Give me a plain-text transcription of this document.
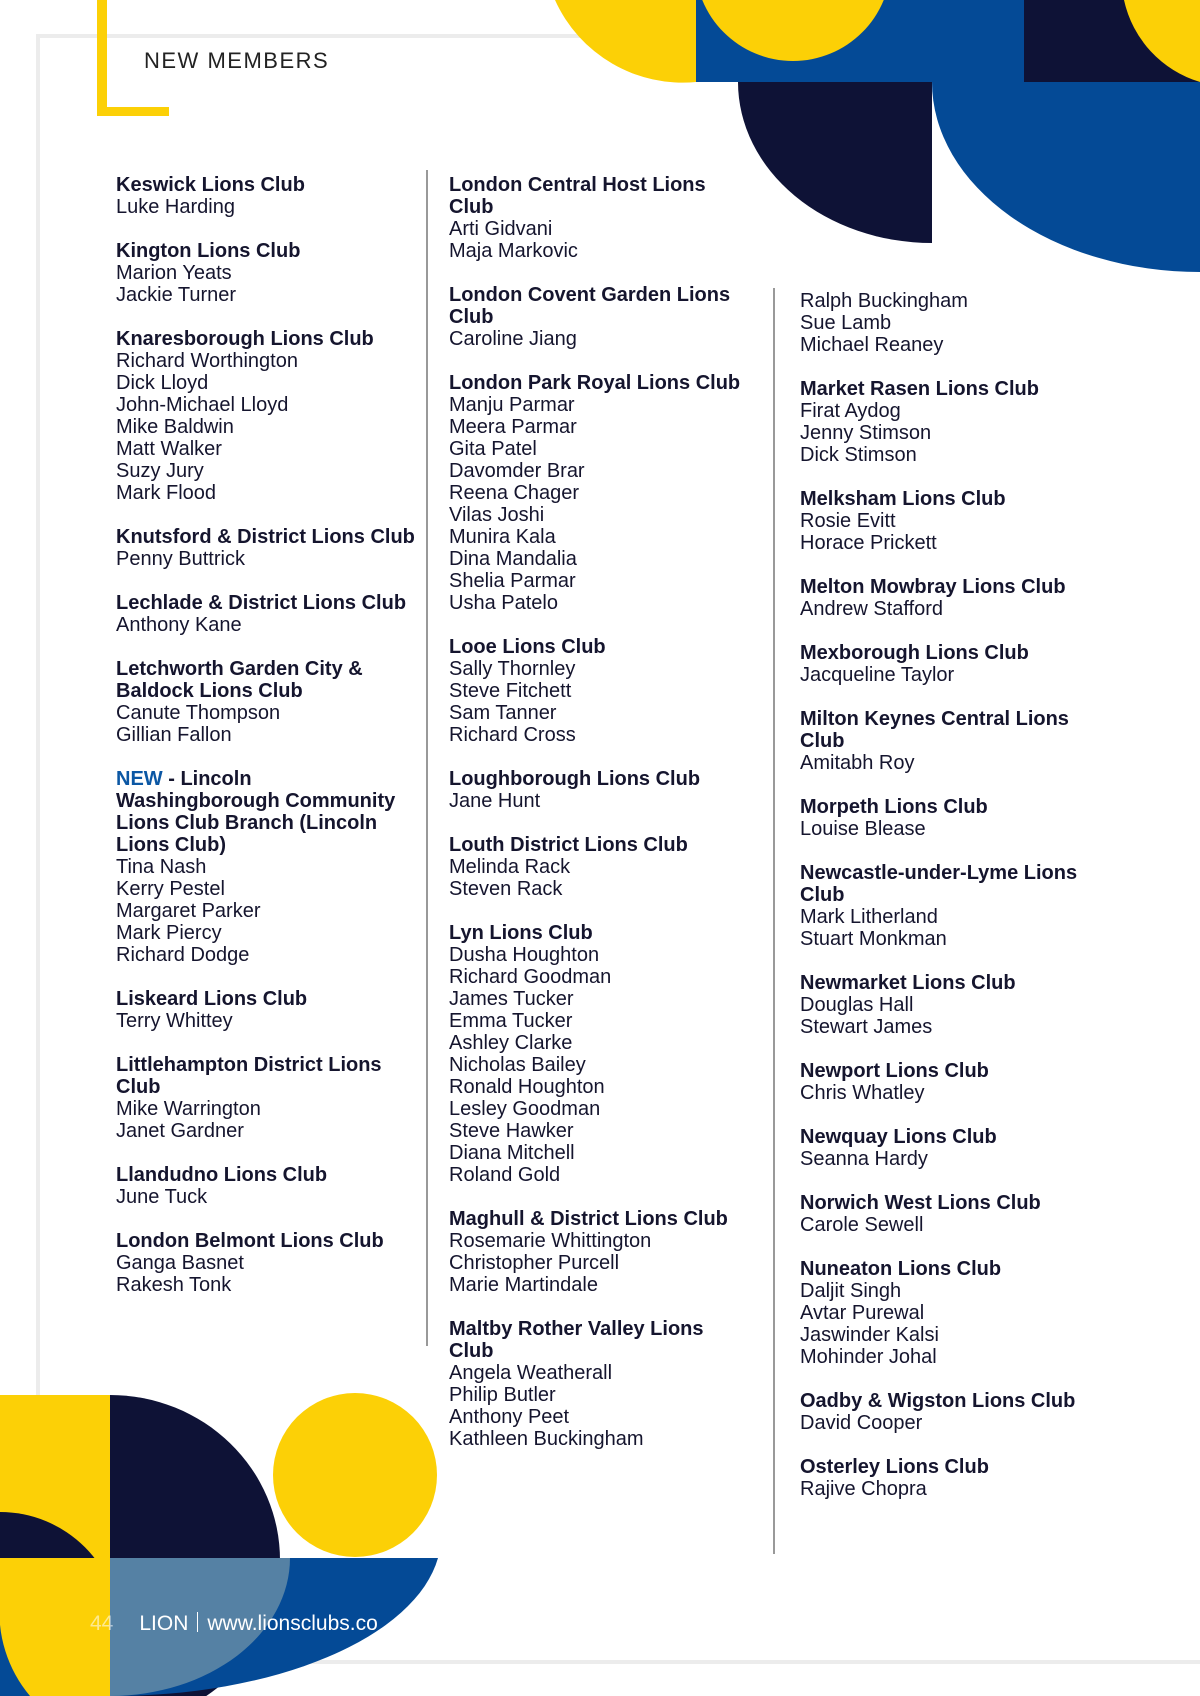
NEW MEMBERS
Keswick Lions Club
Luke Harding
Kington Lions Club
Marion Yeats
Jackie Turner
Knaresborough Lions Club
Richard Worthington
Dick Lloyd
John-Michael Lloyd
Mike Baldwin
Matt Walker
Suzy Jury
Mark Flood
Knutsford & District Lions Club
Penny Buttrick
Lechlade & District Lions Club
Anthony Kane
Letchworth Garden City & Baldock Lions Club
Canute Thompson
Gillian Fallon
NEW - Lincoln Washingborough Community Lions Club Branch (Lincoln Lions Club)
Tina Nash
Kerry Pestel
Margaret Parker
Mark Piercy
Richard Dodge
Liskeard Lions Club
Terry Whittey
Littlehampton District Lions Club
Mike Warrington
Janet Gardner
Llandudno Lions Club
June Tuck
London Belmont Lions Club
Ganga Basnet
Rakesh Tonk
London Central Host Lions Club
Arti Gidvani
Maja Markovic
London Covent Garden Lions Club
Caroline Jiang
London Park Royal Lions Club
Manju Parmar
Meera Parmar
Gita Patel
Davomder Brar
Reena Chager
Vilas Joshi
Munira Kala
Dina Mandalia
Shelia Parmar
Usha Patelo
Looe Lions Club
Sally Thornley
Steve Fitchett
Sam Tanner
Richard Cross
Loughborough Lions Club
Jane Hunt
Louth District Lions Club
Melinda Rack
Steven Rack
Lyn Lions Club
Dusha Houghton
Richard Goodman
James Tucker
Emma Tucker
Ashley Clarke
Nicholas Bailey
Ronald Houghton
Lesley Goodman
Steve Hawker
Diana Mitchell
Roland Gold
Maghull & District Lions Club
Rosemarie Whittington
Christopher Purcell
Marie Martindale
Maltby Rother Valley Lions Club
Angela Weatherall
Philip Butler
Anthony Peet
Kathleen Buckingham
Ralph Buckingham
Sue Lamb
Michael Reaney
Market Rasen Lions Club
Firat Aydog
Jenny Stimson
Dick Stimson
Melksham Lions Club
Rosie Evitt
Horace Prickett
Melton Mowbray Lions Club
Andrew Stafford
Mexborough Lions Club
Jacqueline Taylor
Milton Keynes Central Lions Club
Amitabh Roy
Morpeth Lions Club
Louise Blease
Newcastle-under-Lyme Lions Club
Mark Litherland
Stuart Monkman
Newmarket Lions Club
Douglas Hall
Stewart James
Newport Lions Club
Chris Whatley
Newquay Lions Club
Seanna Hardy
Norwich West Lions Club
Carole Sewell
Nuneaton Lions Club
Daljit Singh
Avtar Purewal
Jaswinder Kalsi
Mohinder Johal
Oadby & Wigston Lions Club
David Cooper
Osterley Lions Club
Rajive Chopra
44 LION www.lionsclubs.co
